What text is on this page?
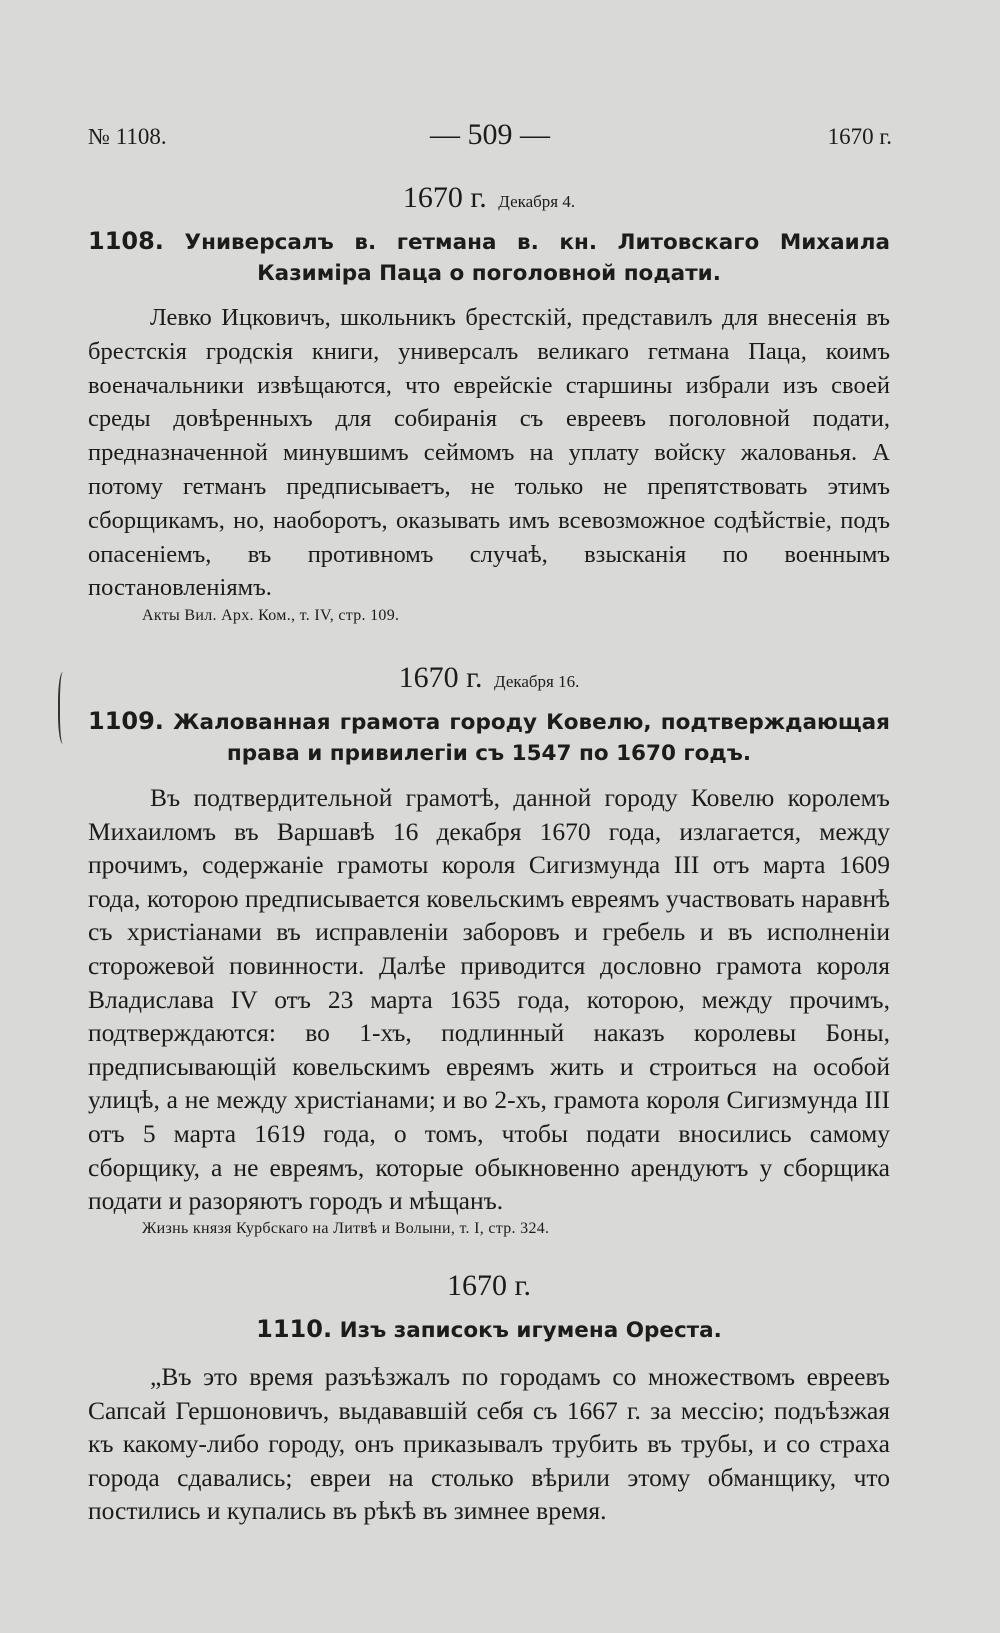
№ 1108.	— 509 —	1670 г.
1670 г. Декабря 4.
1108. Универсалъ в. гетмана в. кн. Литовскаго Михаила Казиміра Паца о поголовной подати.

Левко Ицковичъ, школьникъ брестскій, представилъ для внесенія въ брестскія гродскія книги, универсалъ великаго гетмана Паца, коимъ военачальники извѣщаются, что еврейскіе старшины избрали изъ своей среды довѣренныхъ для собиранія съ евреевъ поголовной подати, предназначенной минувшимъ сеймомъ на уплату войску жалованья. А потому гетманъ предписываетъ, не только не препятствовать этимъ сборщикамъ, но, наоборотъ, оказывать имъ всевозможное содѣйствіе, подъ опасеніемъ, въ противномъ случаѣ, взысканія по военнымъ постановленіямъ.

Акты Вил. Арх. Ком., т. IV, стр. 109.
1670 г. Декабря 16.
1109. Жалованная грамота городу Ковелю, подтверждающая права и привилегіи съ 1547 по 1670 годъ.

Въ подтвердительной грамотѣ, данной городу Ковелю королемъ Михаиломъ въ Варшавѣ 16 декабря 1670 года, излагается, между прочимъ, содержаніе грамоты короля Сигизмунда III отъ марта 1609 года, которою предписывается ковельскимъ евреямъ участвовать наравнѣ съ христіанами въ исправленіи заборовъ и гребель и въ исполненіи сторожевой повинности. Далѣе приводится дословно грамота короля Владислава IV отъ 23 марта 1635 года, которою, между прочимъ, подтверждаются: во 1-хъ, подлинный наказъ королевы Боны, предписывающій ковельскимъ евреямъ жить и строиться на особой улицѣ, а не между христіанами; и во 2-хъ, грамота короля Сигизмунда III отъ 5 марта 1619 года, о томъ, чтобы подати вносились самому сборщику, а не евреямъ, которые обыкновенно арендуютъ у сборщика подати и разоряютъ городъ и мѣщанъ.

Жизнь князя Курбскаго на Литвѣ и Волыни, т. I, стр. 324.
1670 г.
1110. Изъ записокъ игумена Ореста.

„Въ это время разъѣзжалъ по городамъ со множествомъ евреевъ Сапсай Гершоновичъ, выдававшій себя съ 1667 г. за мессію; подъѣзжая къ какому-либо городу, онъ приказывалъ трубить въ трубы, и со страха города сдавались; евреи на столько вѣрили этому обманщику, что постились и купались въ рѣкѣ въ зимнее время.
